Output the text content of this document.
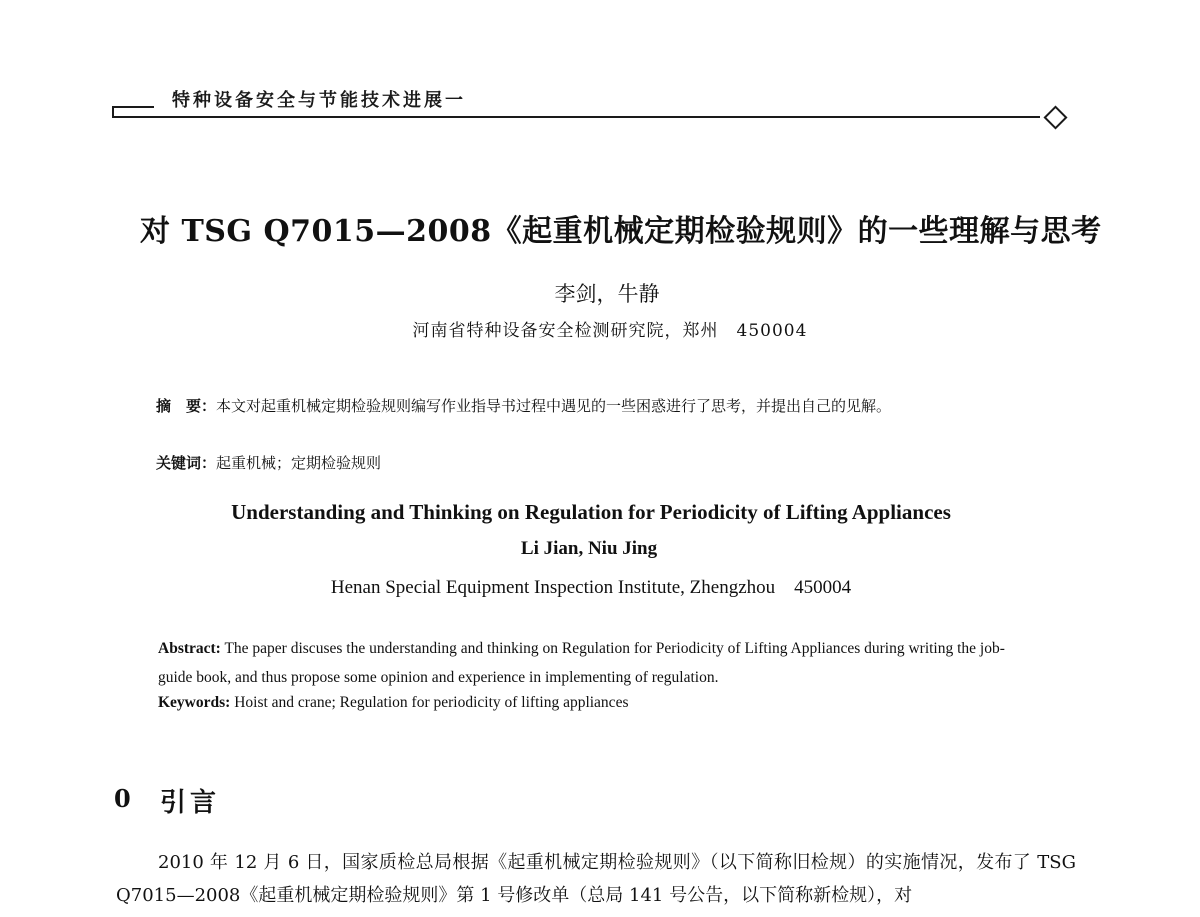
特种设备安全与节能技术进展一
对 TSG Q7015—2008《起重机械定期检验规则》的一些理解与思考
李剑，牛静
河南省特种设备安全检测研究院，郑州　450004
摘　要：本文对起重机械定期检验规则编写作业指导书过程中遇见的一些困惑进行了思考，并提出自己的见解。
关键词：起重机械；定期检验规则
Understanding and Thinking on Regulation for Periodicity of Lifting Appliances
Li Jian, Niu Jing
Henan Special Equipment Inspection Institute, Zhengzhou　450004
Abstract: The paper discuses the understanding and thinking on Regulation for Periodicity of Lifting Appliances during writing the job-guide book, and thus propose some opinion and experience in implementing of regulation.
Keywords: Hoist and crane; Regulation for periodicity of lifting appliances
0 引言
2010 年 12 月 6 日，国家质检总局根据《起重机械定期检验规则》（以下简称旧检规）的实施情况，发布了 TSG Q7015—2008《起重机械定期检验规则》第 1 号修改单（总局 141 号公告，以下简称新检规），对
